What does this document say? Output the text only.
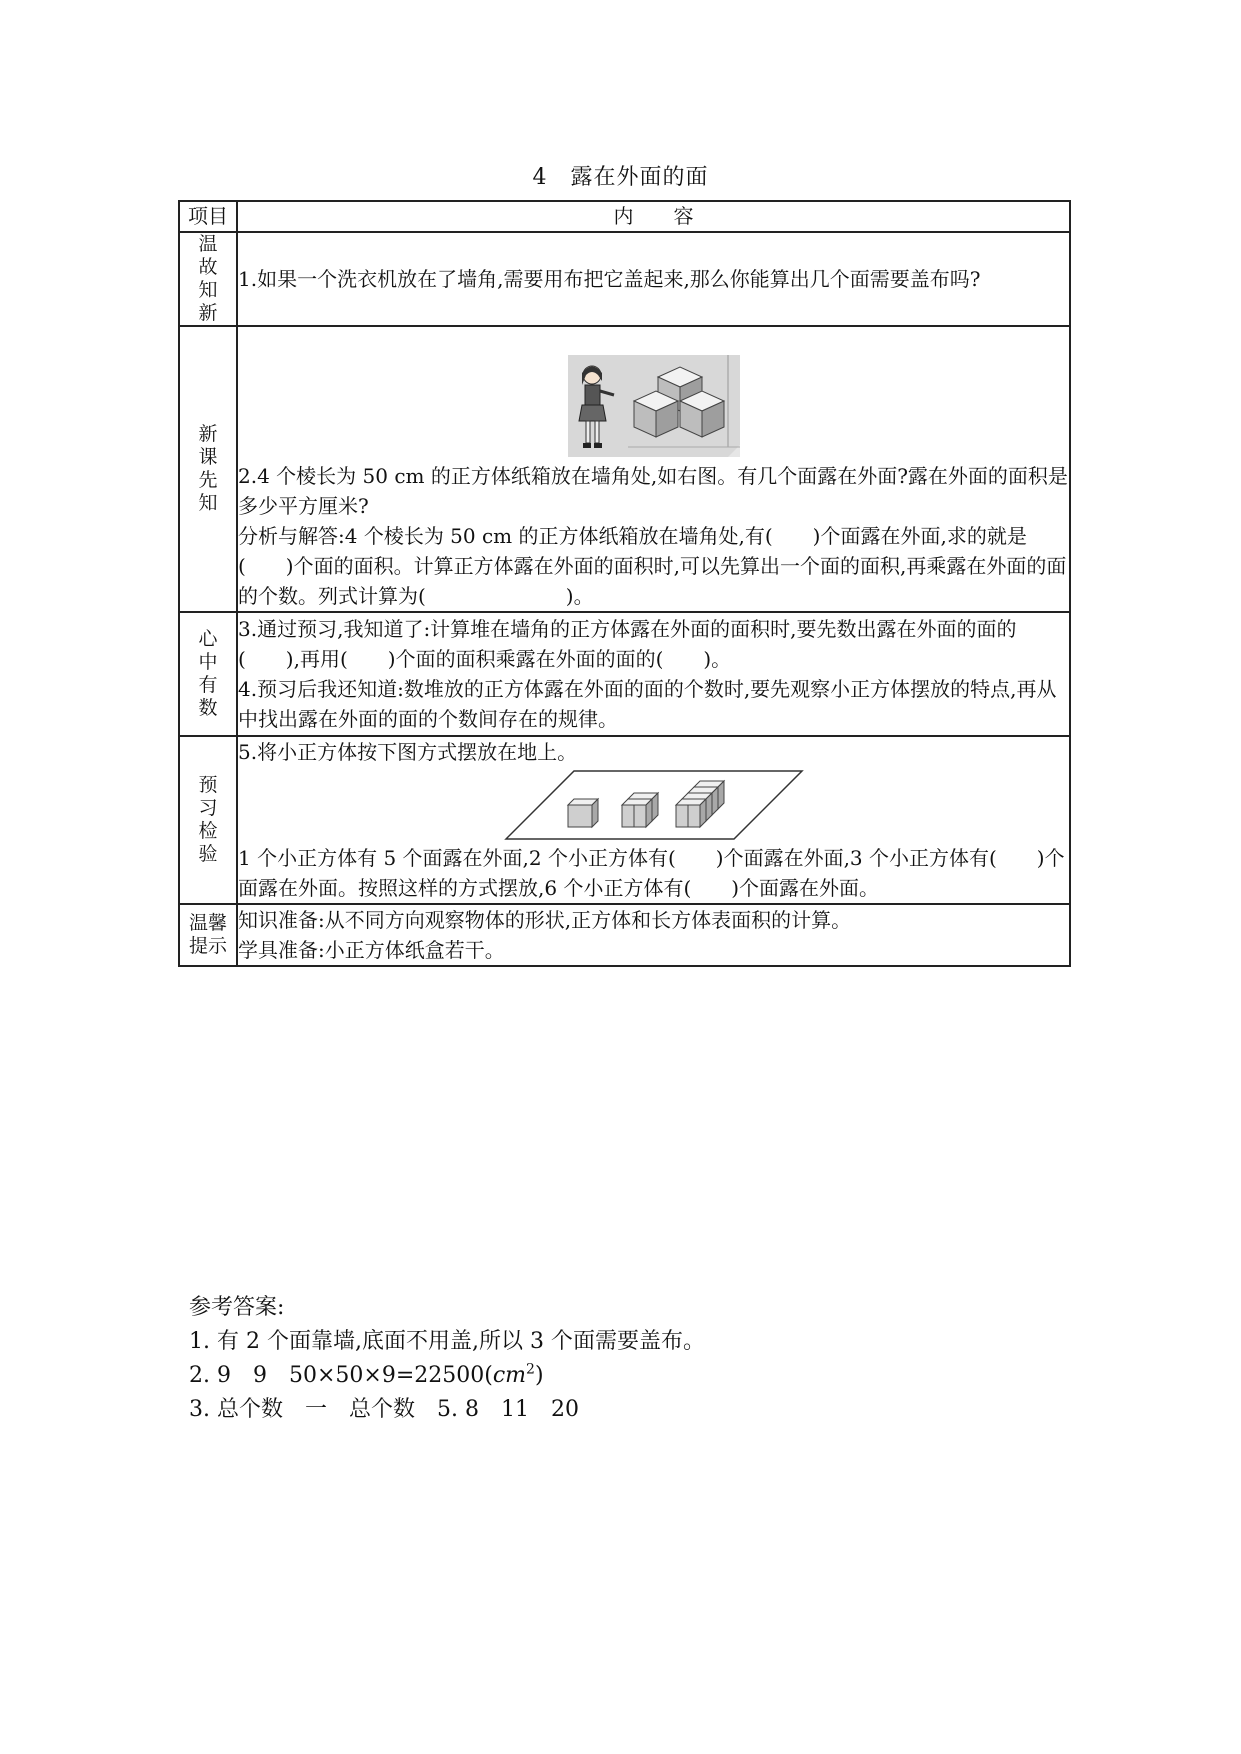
4　露在外面的面
项目	内　　容
温故知新	1.如果一个洗衣机放在了墙角,需要用布把它盖起来,那么你能算出几个面需要盖布吗?

新课先知	2.4 个棱长为 50 cm 的正方体纸箱放在墙角处,如右图。有几个面露在外面?露在外面的面积是多少平方厘米?
分析与解答:4 个棱长为 50 cm 的正方体纸箱放在墙角处,有(　　)个面露在外面,求的就是(　　)个面的面积。计算正方体露在外面的面积时,可以先算出一个面的面积,再乘露在外面的面的个数。列式计算为(　　　　　　　)。

心中有数	3.通过预习,我知道了:计算堆在墙角的正方体露在外面的面积时,要先数出露在外面的面的(　　),再用(　　)个面的面积乘露在外面的面的(　　)。
4.预习后我还知道:数堆放的正方体露在外面的面的个数时,要先观察小正方体摆放的特点,再从中找出露在外面的面的个数间存在的规律。

预习检验	5.将小正方体按下图方式摆放在地上。
1 个小正方体有 5 个面露在外面,2 个小正方体有(　　)个面露在外面,3 个小正方体有(　　)个面露在外面。按照这样的方式摆放,6 个小正方体有(　　)个面露在外面。

温馨提示	知识准备:从不同方向观察物体的形状,正方体和长方体表面积的计算。
学具准备:小正方体纸盒若干。
参考答案:
1. 有 2 个面靠墙,底面不用盖,所以 3 个面需要盖布。
2. 9　9　$50\times 50\times 9=22500(cm^2)$
3. 总个数　一　总个数　5. 8　11　20
